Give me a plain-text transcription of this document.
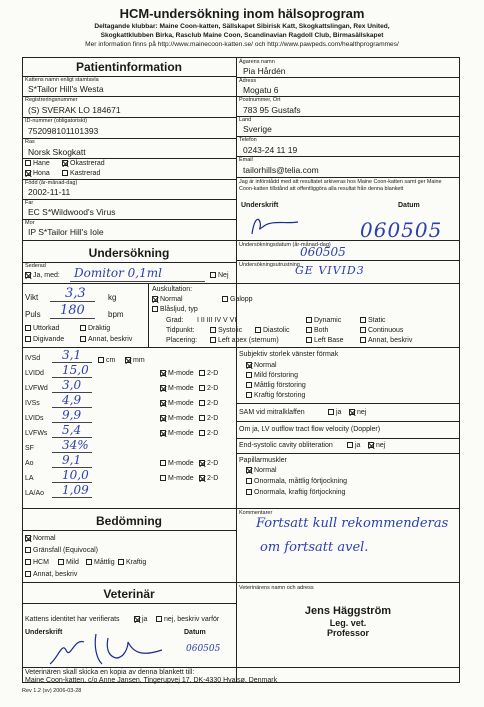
HCM-undersökning inom hälsoprogram
Deltagande klubbar: Maine Coon-katten, Sällskapet Sibirisk Katt, Skogkattslingan, Rex United,
Skogkattklubben Birka, Rasclub Maine Coon, Scandinavian Ragdoll Club, Birmasällskapet
Mer information finns på http://www.mainecoon-katten.se/ och http://www.pawpeds.com/healthprogrammes/
Patientinformation
Kattens namn enligt stamtavla
S*Tailor Hill's Westa
Registreringsnummer
(S) SVERAK LO 184671
ID-nummer (obligatoriskt)
752098101101393
Ras
Norsk Skogkatt
Hane	Okastrerad
Hona	Kastrerad
Född (år-månad-dag)
2002-11-11
Far
EC S*Wildwood's Virus
Mor
IP S*Tailor Hill's Iole
Ägarens namn
Pia Hårdén
Adress
Mogatu 6
Postnummer, Ort
783 95 Gustafs
Land
Sverige
Telefon
0243-24 11 19
Email
tailorhills@telia.com
Jag är införstådd med att resultatet arkiveras hos Maine Coon-katten samt ger Maine Coon-katten tillstånd att offentliggöra alla resultat från denna blankett
Underskrift	Datum
060505
Undersökning
Sederad
Ja, med: Domitor 0,1ml	Nej
Undersökningsdatum (år-månad-dag)
060505
Undersökningsutrustning
GE VIVID3
Vikt 3,3	kg
Puls 180	bpm
Uttorkad	Dräktig
Digivande	Annat, beskriv
Auskultation:
Normal	Galopp
Blåsljud, typ
Grad: I II III IV V VI	Dynamic	Static
Tidpunkt:	Systolic	Diastolic	Both	Continuous
Placering:	Left apex (sternum)	Left Base	Annat, beskriv
IVSd 3,1
LVIDd 15,0	M-mode	2-D
LVFWd 3,0	M-mode	2-D
IVSs 4,9	M-mode	2-D
LVIDs 9,9	M-mode	2-D
LVFWs 5,4	M-mode	2-D
SF 34%
Ao 9,1	M-mode	2-D
LA 10,0	M-mode	2-D
LA/Ao 1,09
cm	mm
Subjektiv storlek vänster förmak
Normal
Mild förstoring
Måttlig förstoring
Kraftig förstoring
SAM vid mitralklaffen	ja	nej
Om ja, LV outflow tract flow velocity (Doppler)
End-systolic cavity obliteration	ja	nej
Papillarmuskler
Normal
Onormala, måttlig förtjockning
Onormala, kraftig förtjockning
Bedömning
Normal
Gränsfall (Equivocal)
HCM	Mild	Måttlig	Kraftig
Annat, beskriv
Kommentarer
Fortsatt kull rekommenderas
om fortsatt avel.
Veterinär
Kattens identitet har verifierats	ja	nej, beskriv varför
Underskrift	Datum
060505
Veterinärens namn och adress
Jens Häggström
Leg. vet.
Professor
Veterinären skall skicka en kopia av denna blankett till:
Maine Coon-katten, c/o Anne Jansen, Tingerupvej 17, DK-4330 Hvalsø, Denmark
Rev 1.2 (sv) 2006-03-28
